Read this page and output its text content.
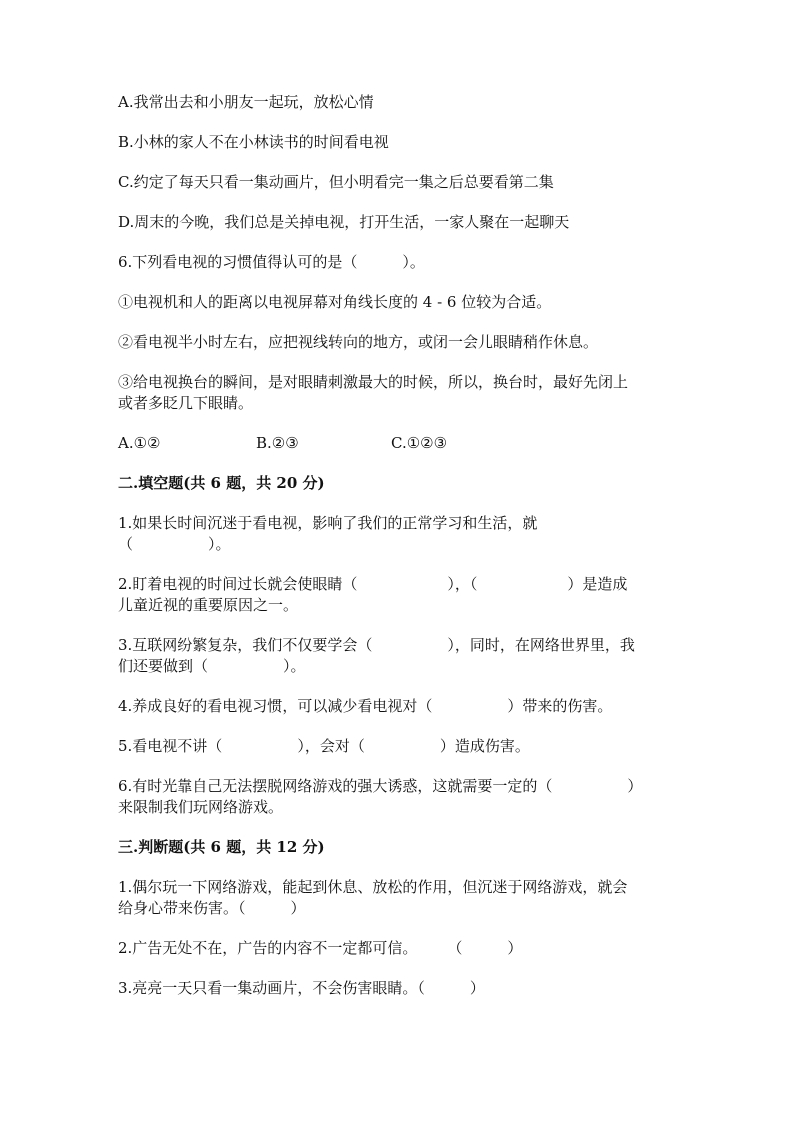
A.我常出去和小朋友一起玩，放松心情

B.小林的家人不在小林读书的时间看电视

C.约定了每天只看一集动画片，但小明看完一集之后总要看第二集

D.周末的今晚，我们总是关掉电视，打开生活，一家人聚在一起聊天

6.下列看电视的习惯值得认可的是（　　　）。

①电视机和人的距离以电视屏幕对角线长度的 4 - 6 位较为合适。

②看电视半小时左右，应把视线转向的地方，或闭一会儿眼睛稍作休息。

③给电视换台的瞬间，是对眼睛刺激最大的时候，所以，换台时，最好先闭上

或者多眨几下眼睛。

A.①②	B.②③	C.①②③

二.填空题(共 6 题，共 20 分)

1.如果长时间沉迷于看电视，影响了我们的正常学习和生活，就

（　　　　　）。

2.盯着电视的时间过长就会使眼睛（　　　　　　），（　　　　　　）是造成

儿童近视的重要原因之一。

3.互联网纷繁复杂，我们不仅要学会（　　　　　），同时，在网络世界里，我

们还要做到（　　　　　）。

4.养成良好的看电视习惯，可以减少看电视对（　　　　　）带来的伤害。

5.看电视不讲（　　　　　），会对（　　　　　）造成伤害。

6.有时光靠自己无法摆脱网络游戏的强大诱惑，这就需要一定的（　　　　　）

来限制我们玩网络游戏。

三.判断题(共 6 题，共 12 分)

1.偶尔玩一下网络游戏，能起到休息、放松的作用，但沉迷于网络游戏，就会

给身心带来伤害。（　　　）

2.广告无处不在，广告的内容不一定都可信。　　　（　　　）

3.亮亮一天只看一集动画片，不会伤害眼睛。（　　　）
